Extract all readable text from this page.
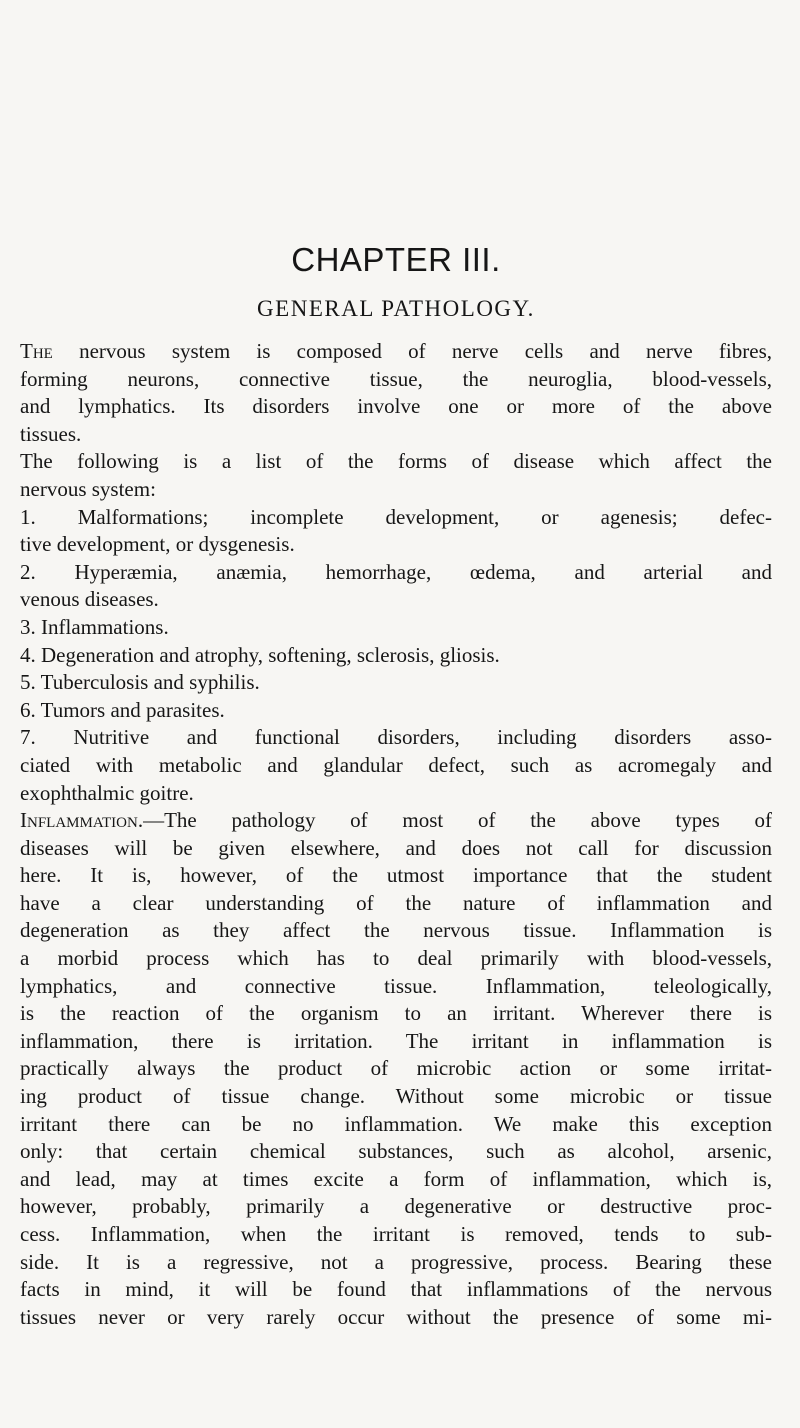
CHAPTER III.
GENERAL PATHOLOGY.
The nervous system is composed of nerve cells and nerve fibres,
forming neurons, connective tissue, the neuroglia, blood-vessels,
and lymphatics. Its disorders involve one or more of the above
tissues.
The following is a list of the forms of disease which affect the
nervous system:
1. Malformations; incomplete development, or agenesis; defec-
tive development, or dysgenesis.
2. Hyperæmia, anæmia, hemorrhage, œdema, and arterial and
venous diseases.
3. Inflammations.
4. Degeneration and atrophy, softening, sclerosis, gliosis.
5. Tuberculosis and syphilis.
6. Tumors and parasites.
7. Nutritive and functional disorders, including disorders asso-
ciated with metabolic and glandular defect, such as acromegaly and
exophthalmic goitre.
Inflammation.—The pathology of most of the above types of
diseases will be given elsewhere, and does not call for discussion
here. It is, however, of the utmost importance that the student
have a clear understanding of the nature of inflammation and
degeneration as they affect the nervous tissue. Inflammation is
a morbid process which has to deal primarily with blood-vessels,
lymphatics, and connective tissue. Inflammation, teleologically,
is the reaction of the organism to an irritant. Wherever there is
inflammation, there is irritation. The irritant in inflammation is
practically always the product of microbic action or some irritat-
ing product of tissue change. Without some microbic or tissue
irritant there can be no inflammation. We make this exception
only: that certain chemical substances, such as alcohol, arsenic,
and lead, may at times excite a form of inflammation, which is,
however, probably, primarily a degenerative or destructive proc-
cess. Inflammation, when the irritant is removed, tends to sub-
side. It is a regressive, not a progressive, process. Bearing these
facts in mind, it will be found that inflammations of the nervous
tissues never or very rarely occur without the presence of some mi-
